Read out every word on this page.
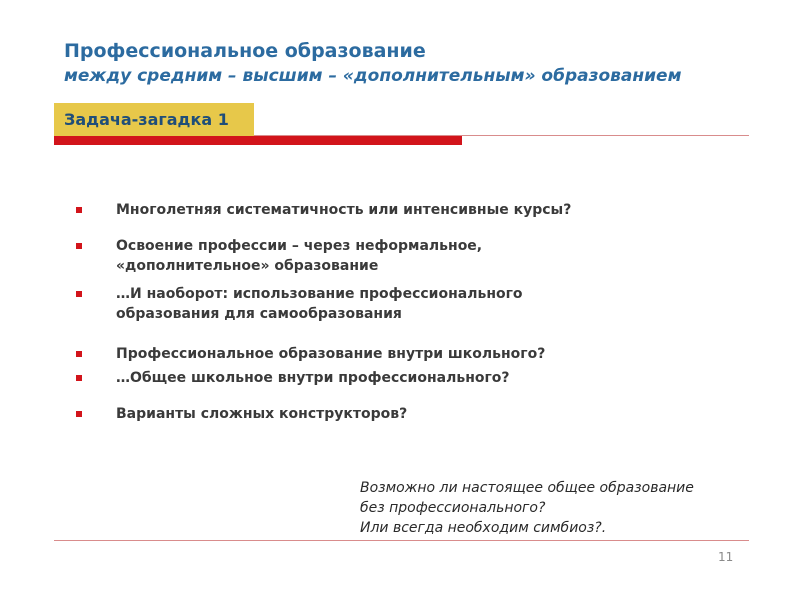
Профессиональное образование
между средним – высшим – «дополнительным» образованием
Задача-загадка 1
Многолетняя систематичность или интенсивные курсы?
Освоение профессии – через неформальное,
«дополнительное» образование
…И наоборот: использование профессионального
образования для самообразования
Профессиональное образование внутри школьного?
…Общее школьное внутри профессионального?
Варианты сложных конструкторов?
Возможно ли настоящее общее образование
без профессионального?
Или всегда необходим симбиоз?.
11
